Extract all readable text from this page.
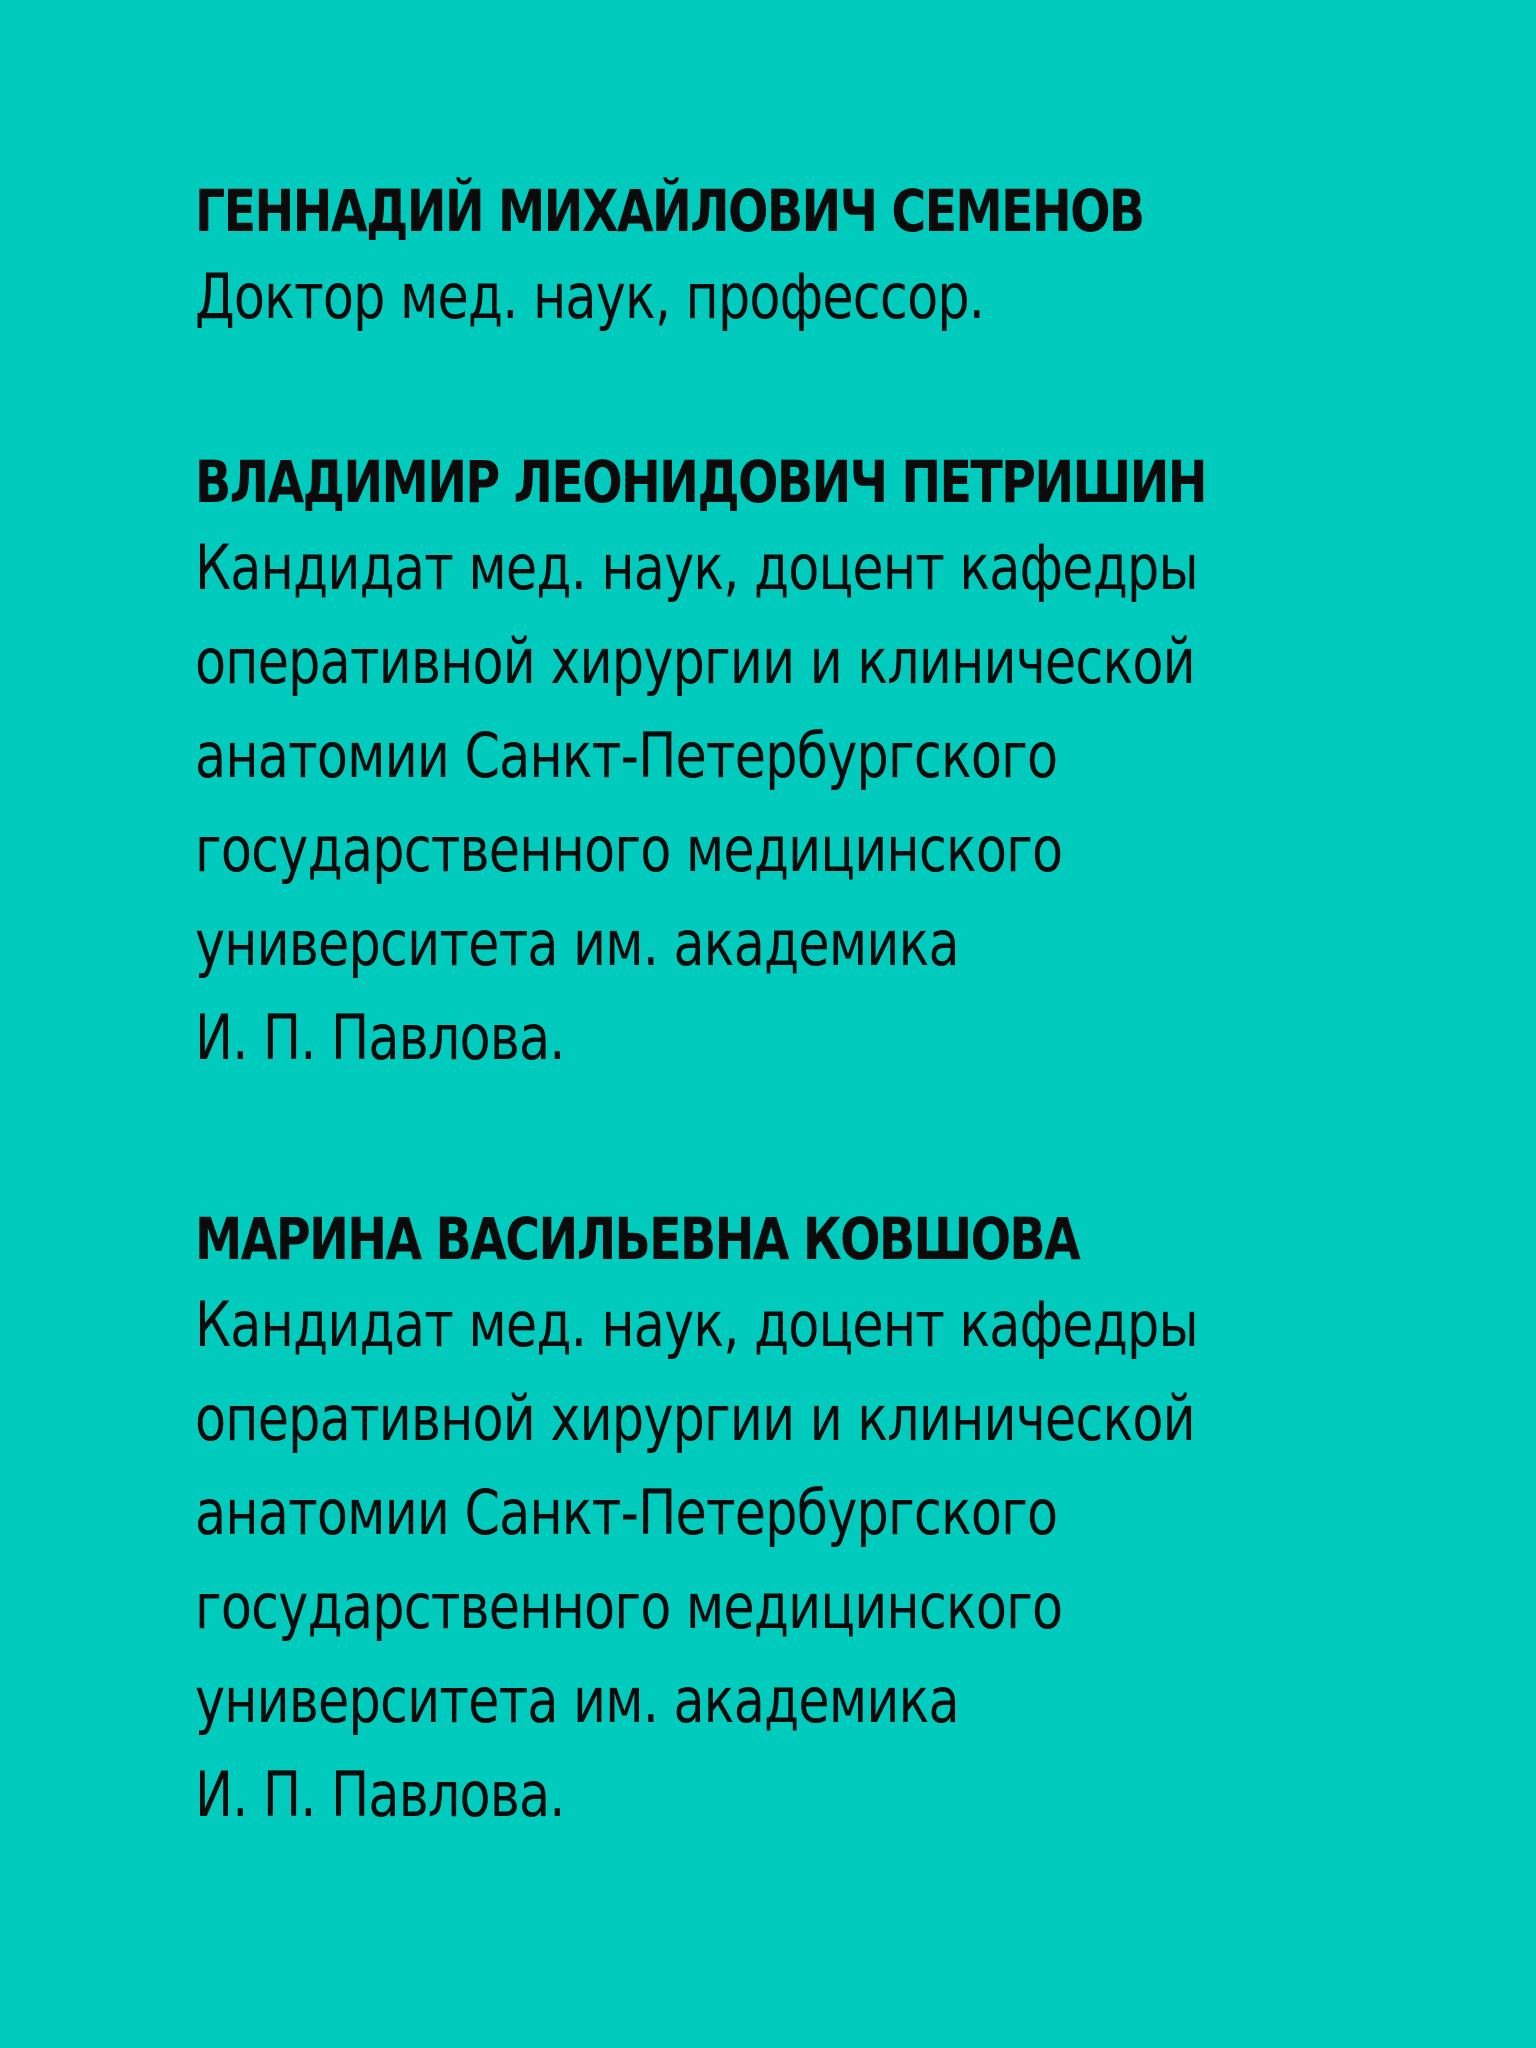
ГЕННАДИЙ МИХАЙЛОВИЧ СЕМЕНОВ
Доктор мед. наук, профессор.
ВЛАДИМИР ЛЕОНИДОВИЧ ПЕТРИШИН
Кандидат мед. наук, доцент кафедры
оперативной хирургии и клинической
анатомии Санкт-Петербургского
государственного медицинского
университета им. академика
И. П. Павлова.
МАРИНА ВАСИЛЬЕВНА КОВШОВА
Кандидат мед. наук, доцент кафедры
оперативной хирургии и клинической
анатомии Санкт-Петербургского
государственного медицинского
университета им. академика
И. П. Павлова.
